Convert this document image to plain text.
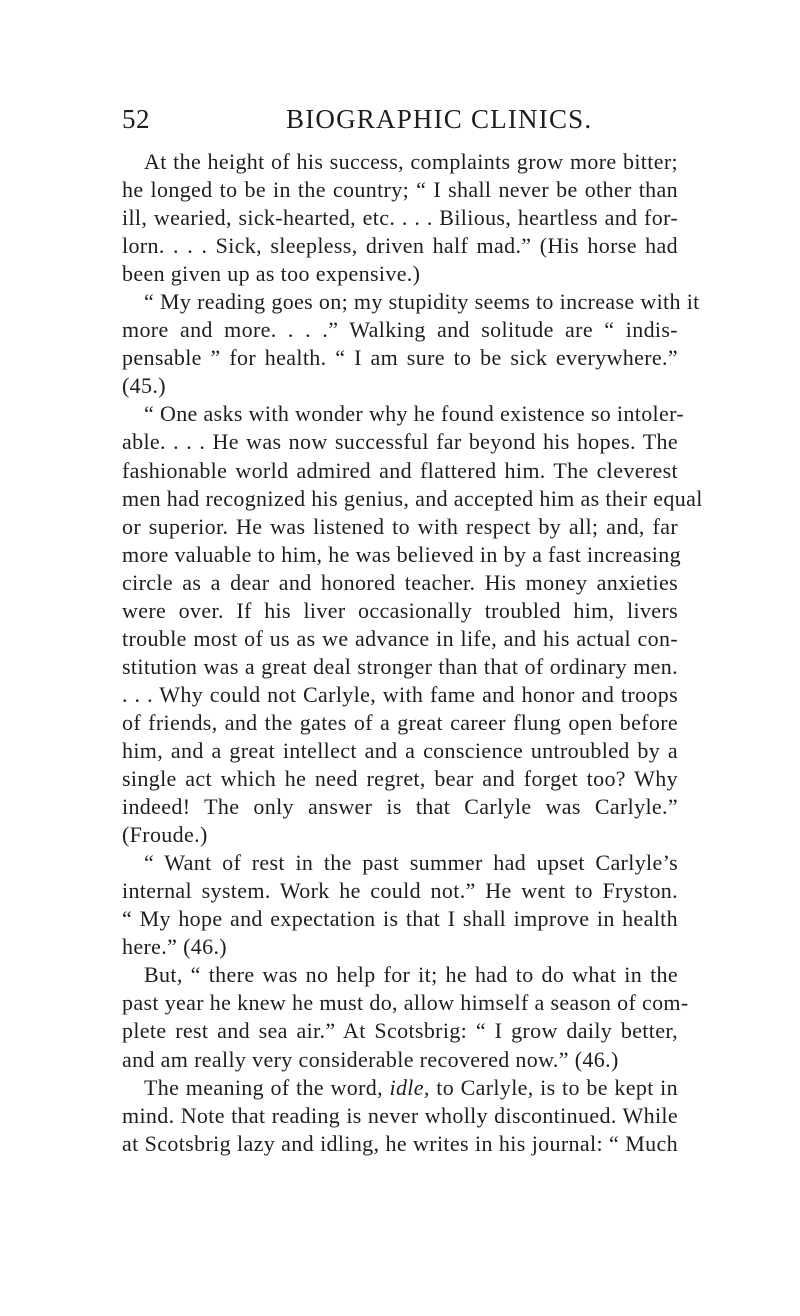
52	BIOGRAPHIC CLINICS.
At the height of his success, complaints grow more bitter;
he longed to be in the country; “ I shall never be other than
ill, wearied, sick-hearted, etc. . . . Bilious, heartless and for-
lorn. . . . Sick, sleepless, driven half mad.” (His horse had
been given up as too expensive.)
“ My reading goes on; my stupidity seems to increase with it
more and more. . . .” Walking and solitude are “ indis-
pensable ” for health. “ I am sure to be sick everywhere.”
(45.)
“ One asks with wonder why he found existence so intoler-
able. . . . He was now successful far beyond his hopes. The
fashionable world admired and flattered him. The cleverest
men had recognized his genius, and accepted him as their equal
or superior. He was listened to with respect by all; and, far
more valuable to him, he was believed in by a fast increasing
circle as a dear and honored teacher. His money anxieties
were over. If his liver occasionally troubled him, livers
trouble most of us as we advance in life, and his actual con-
stitution was a great deal stronger than that of ordinary men.
. . . Why could not Carlyle, with fame and honor and troops
of friends, and the gates of a great career flung open before
him, and a great intellect and a conscience untroubled by a
single act which he need regret, bear and forget too? Why
indeed! The only answer is that Carlyle was Carlyle.”
(Froude.)
“ Want of rest in the past summer had upset Carlyle’s
internal system. Work he could not.” He went to Fryston.
“ My hope and expectation is that I shall improve in health
here.” (46.)
But, “ there was no help for it; he had to do what in the
past year he knew he must do, allow himself a season of com-
plete rest and sea air.” At Scotsbrig: “ I grow daily better,
and am really very considerable recovered now.” (46.)
The meaning of the word, idle, to Carlyle, is to be kept in
mind. Note that reading is never wholly discontinued. While
at Scotsbrig lazy and idling, he writes in his journal: “ Much
